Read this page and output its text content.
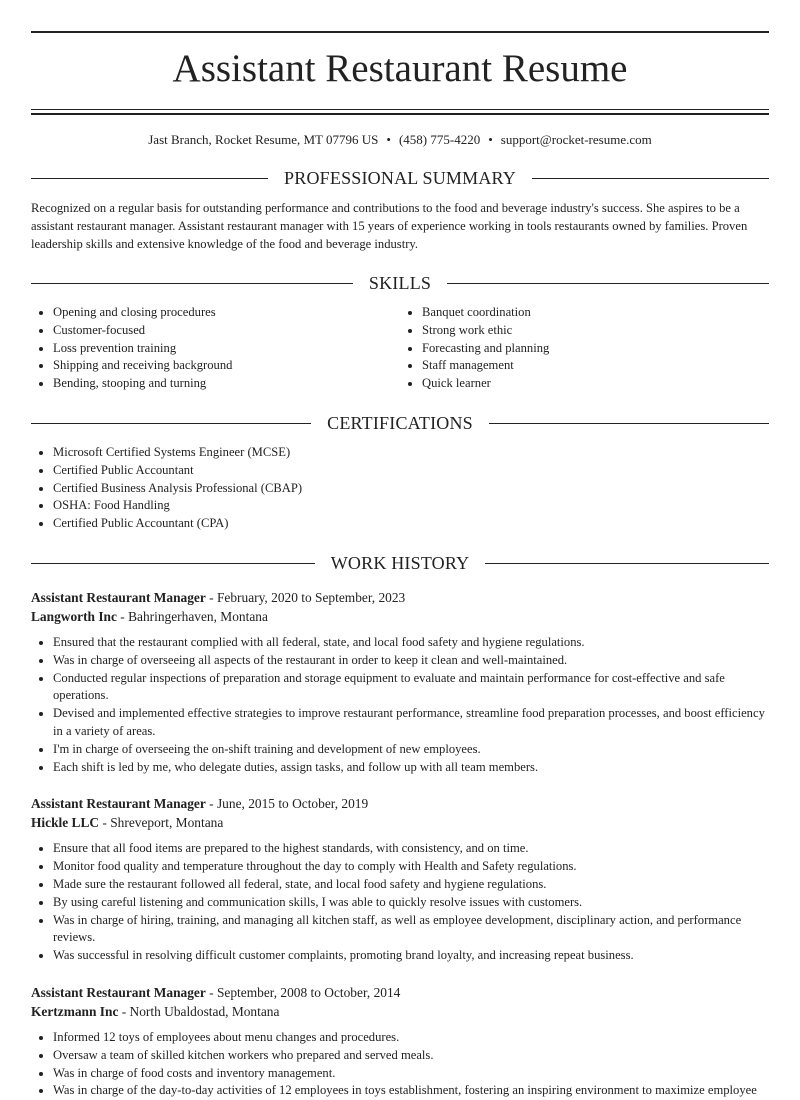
Assistant Restaurant Resume
Jast Branch, Rocket Resume, MT 07796 US • (458) 775-4220 • support@rocket-resume.com
PROFESSIONAL SUMMARY

Recognized on a regular basis for outstanding performance and contributions to the food and beverage industry's success. She aspires to be a assistant restaurant manager. Assistant restaurant manager with 15 years of experience working in tools restaurants owned by families. Proven leadership skills and extensive knowledge of the food and beverage industry.

SKILLS
• Opening and closing procedures
• Customer-focused
• Loss prevention training
• Shipping and receiving background
• Bending, stooping and turning
• Banquet coordination
• Strong work ethic
• Forecasting and planning
• Staff management
• Quick learner
CERTIFICATIONS
• Microsoft Certified Systems Engineer (MCSE)
• Certified Public Accountant
• Certified Business Analysis Professional (CBAP)
• OSHA: Food Handling
• Certified Public Accountant (CPA)
WORK HISTORY
Assistant Restaurant Manager - February, 2020 to September, 2023
Langworth Inc - Bahringerhaven, Montana
• Ensured that the restaurant complied with all federal, state, and local food safety and hygiene regulations.
• Was in charge of overseeing all aspects of the restaurant in order to keep it clean and well-maintained.
• Conducted regular inspections of preparation and storage equipment to evaluate and maintain performance for cost-effective and safe operations.
• Devised and implemented effective strategies to improve restaurant performance, streamline food preparation processes, and boost efficiency in a variety of areas.
• I'm in charge of overseeing the on-shift training and development of new employees.
• Each shift is led by me, who delegate duties, assign tasks, and follow up with all team members.
Assistant Restaurant Manager - June, 2015 to October, 2019
Hickle LLC - Shreveport, Montana
• Ensure that all food items are prepared to the highest standards, with consistency, and on time.
• Monitor food quality and temperature throughout the day to comply with Health and Safety regulations.
• Made sure the restaurant followed all federal, state, and local food safety and hygiene regulations.
• By using careful listening and communication skills, I was able to quickly resolve issues with customers.
• Was in charge of hiring, training, and managing all kitchen staff, as well as employee development, disciplinary action, and performance reviews.
• Was successful in resolving difficult customer complaints, promoting brand loyalty, and increasing repeat business.
Assistant Restaurant Manager - September, 2008 to October, 2014
Kertzmann Inc - North Ubaldostad, Montana
• Informed 12 toys of employees about menu changes and procedures.
• Oversaw a team of skilled kitchen workers who prepared and served meals.
• Was in charge of food costs and inventory management.
• Was in charge of the day-to-day activities of 12 employees in toys establishment, fostering an inspiring environment to maximize employee
